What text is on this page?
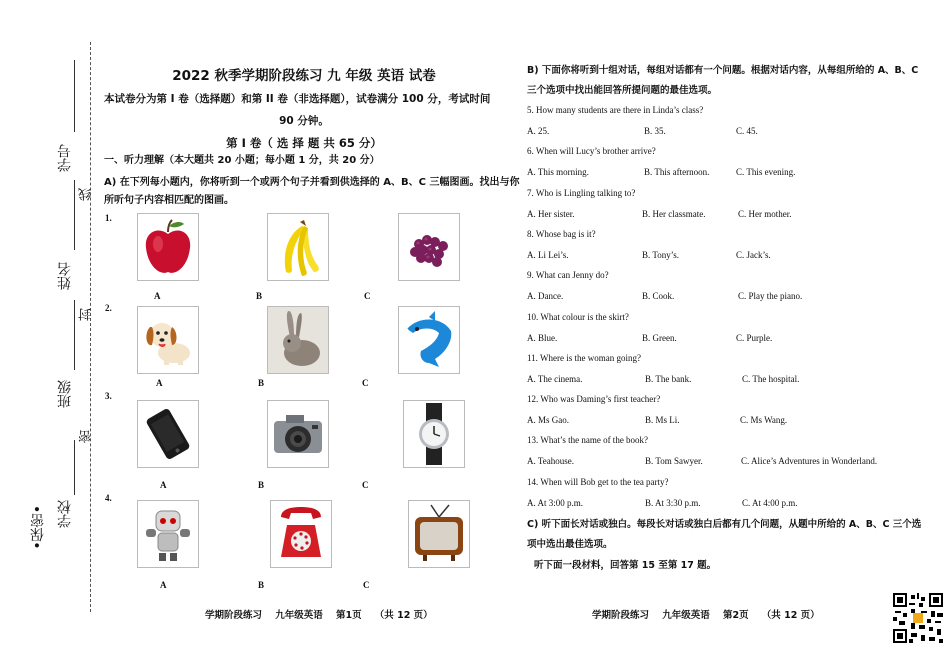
•保密• 学校
班级
姓名
学号
密
封
线
2022 秋季学期阶段练习 九 年级 英语 试卷
本试卷分为第 I 卷（选择题）和第 II 卷（非选择题），试卷满分 100 分，考试时间
90 分钟。
第 I 卷（ 选 择 题 共 65 分）
一、听力理解（本大题共 20 小题；每小题 1 分，共 20 分）
A) 在下列每小题内，你将听到一个或两个句子并看到供选择的 A、B、C 三幅图画。找出与你
所听句子内容相匹配的图画。
1.
A	B	C
2.
A	B	C
3.
A	B	C
4.
A	B	C
学期阶段练习    九年级英语    第1页    （共 12 页）
B) 下面你将听到十组对话，每组对话都有一个问题。根据对话内容，从每组所给的 A、B、C
三个选项中找出能回答所提问题的最佳选项。
5. How many students are there in Linda’s class?
A. 25.	B. 35.	C. 45.
6. When will Lucy’s brother arrive?
A. This morning.	B. This afternoon.	C. This evening.
7. Who is Lingling talking to?
A. Her sister.	B. Her classmate.	C. Her mother.
8. Whose bag is it?
A. Li Lei’s.	B. Tony’s.	C. Jack’s.
9. What can Jenny do?
A. Dance.	B. Cook.	C. Play the piano.
10. What colour is the skirt?
A. Blue.	B. Green.	C. Purple.
11. Where is the woman going?
A. The cinema.	B. The bank.	C. The hospital.
12. Who was Daming’s first teacher?
A. Ms Gao.	B. Ms Li.	C. Ms Wang.
13. What’s the name of the book?
A. Teahouse.	B. Tom Sawyer.	C. Alice’s Adventures in Wonderland.
14. When will Bob get to the tea party?
A. At 3:00 p.m.	B. At 3:30 p.m.	C. At 4:00 p.m.
C) 听下面长对话或独白。每段长对话或独白后都有几个问题，从题中所给的 A、B、C 三个选
项中选出最佳选项。
听下面一段材料，回答第 15 至第 17 题。
学期阶段练习    九年级英语    第2页    （共 12 页）
